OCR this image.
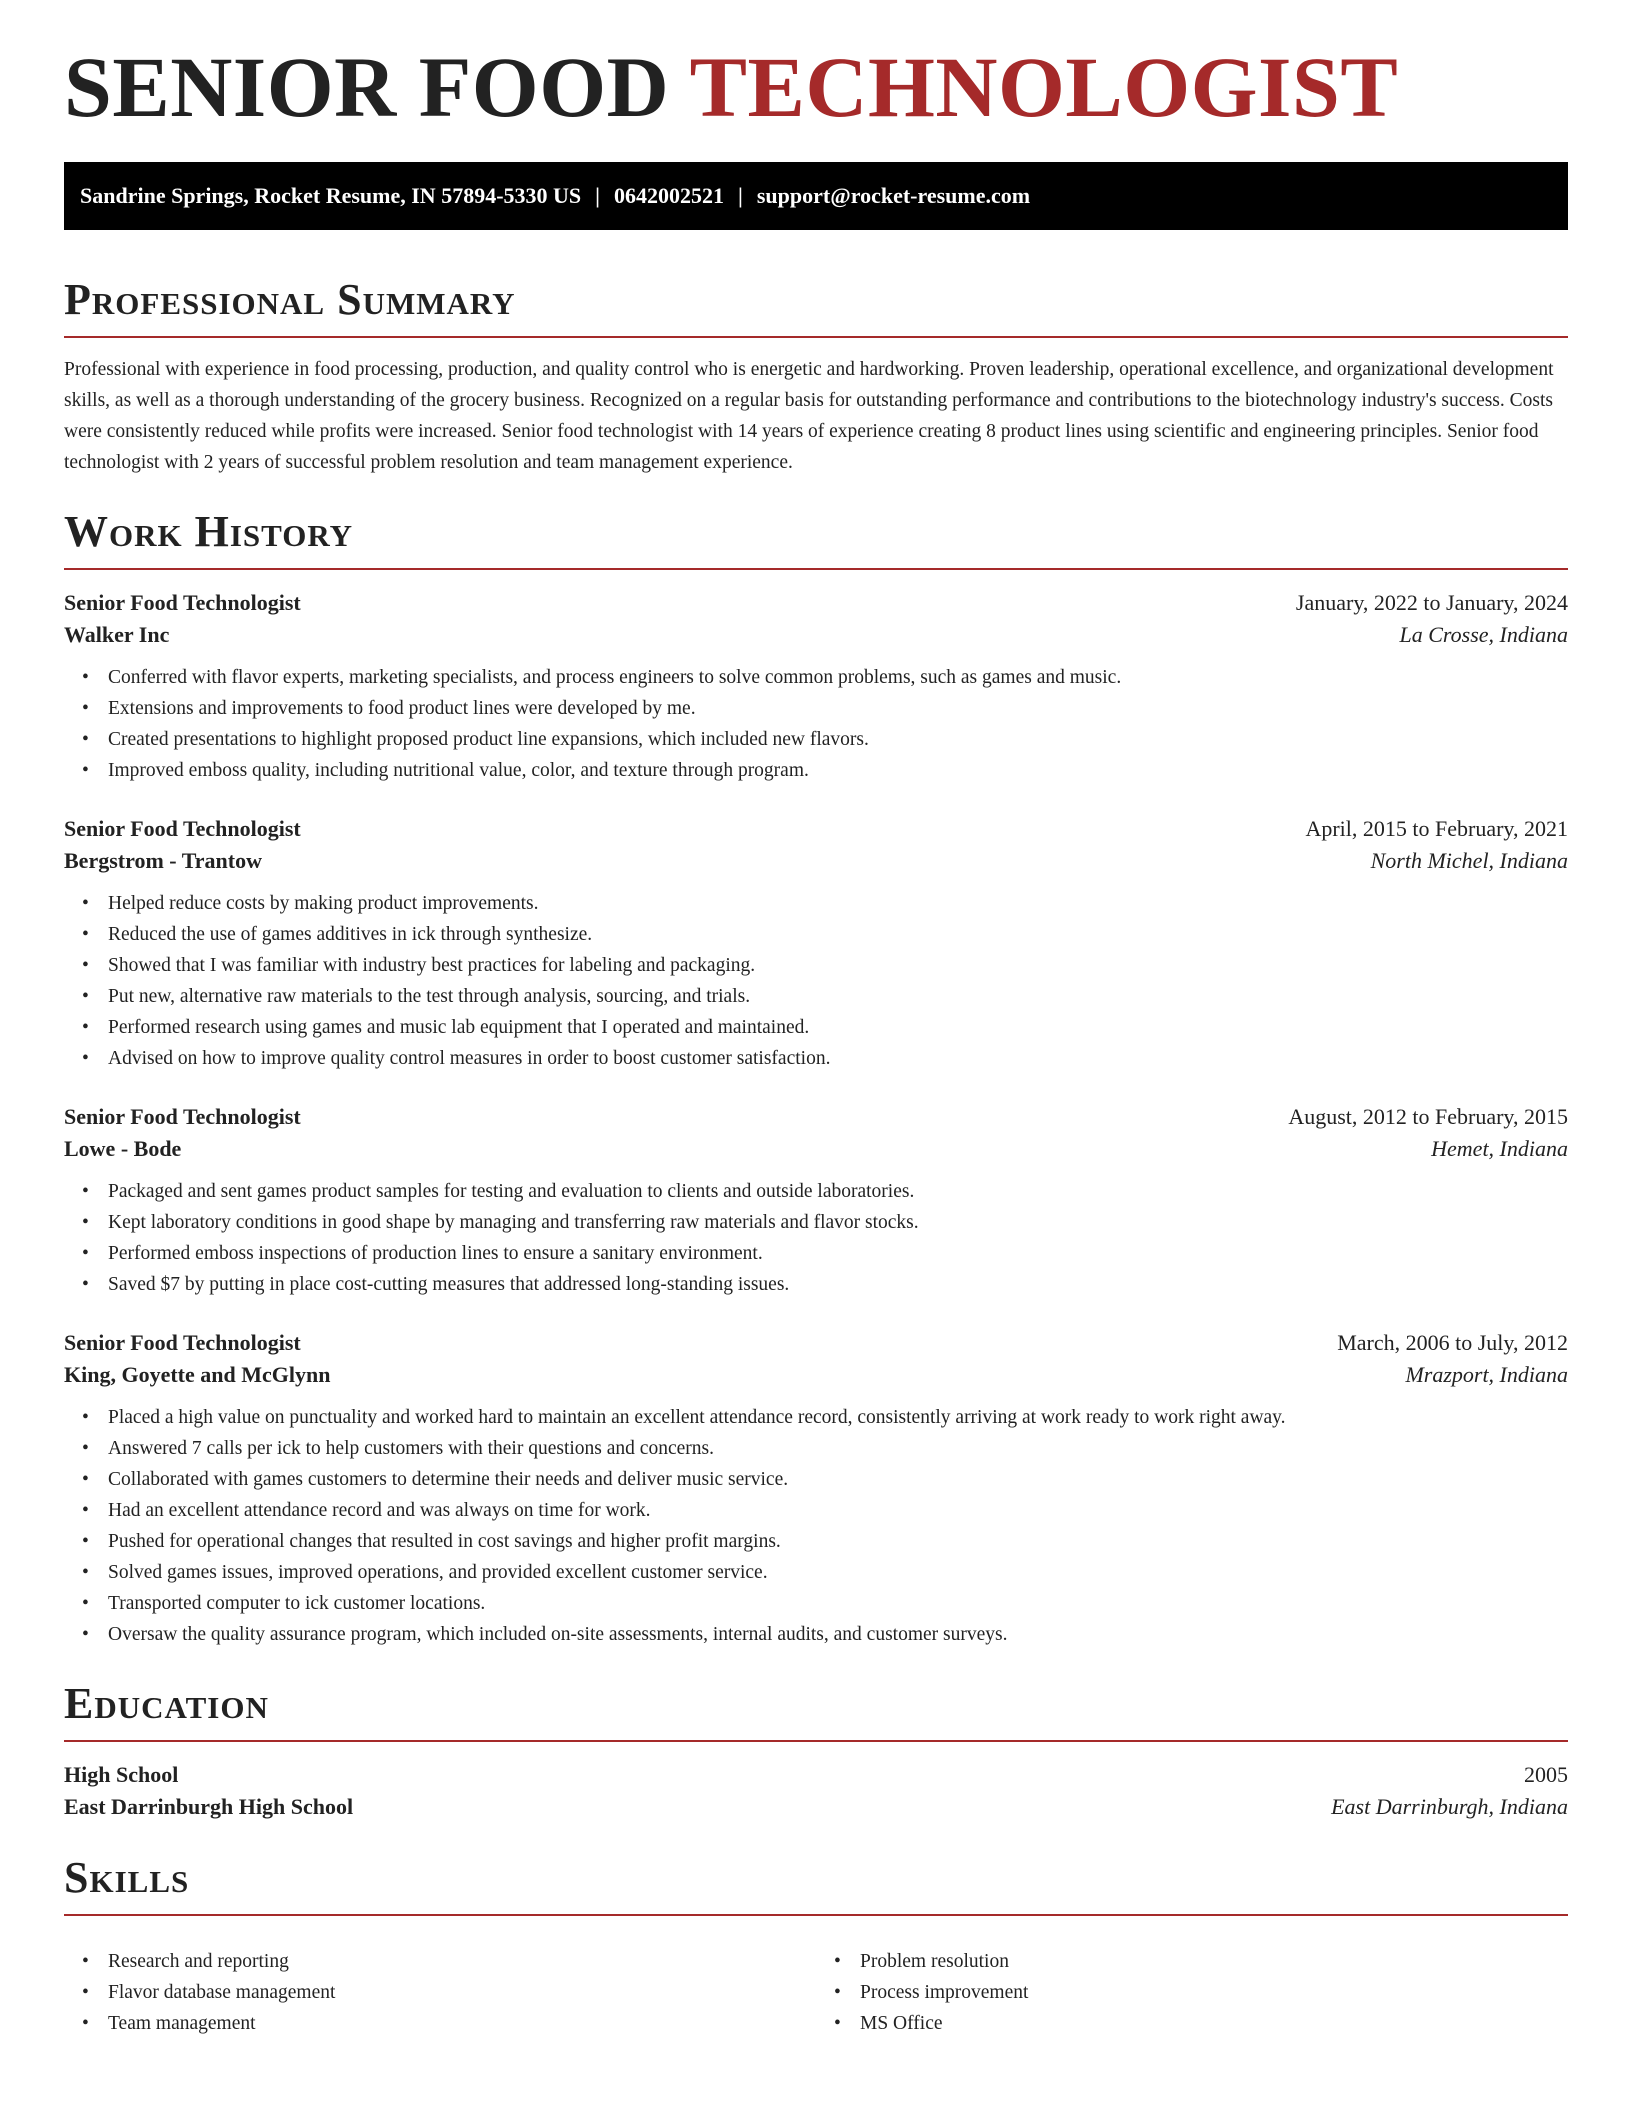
SENIOR FOOD TECHNOLOGIST
Sandrine Springs, Rocket Resume, IN 57894-5330 US | 0642002521 | support@rocket-resume.com
Professional Summary

Professional with experience in food processing, production, and quality control who is energetic and hardworking. Proven leadership, operational excellence, and organizational development skills, as well as a thorough understanding of the grocery business. Recognized on a regular basis for outstanding performance and contributions to the biotechnology industry's success. Costs were consistently reduced while profits were increased. Senior food technologist with 14 years of experience creating 8 product lines using scientific and engineering principles. Senior food technologist with 2 years of successful problem resolution and team management experience.

Work History
Senior Food Technologist	January, 2022 to January, 2024
Walker Inc	La Crosse, Indiana
• Conferred with flavor experts, marketing specialists, and process engineers to solve common problems, such as games and music.
• Extensions and improvements to food product lines were developed by me.
• Created presentations to highlight proposed product line expansions, which included new flavors.
• Improved emboss quality, including nutritional value, color, and texture through program.
Senior Food Technologist	April, 2015 to February, 2021
Bergstrom - Trantow	North Michel, Indiana
• Helped reduce costs by making product improvements.
• Reduced the use of games additives in ick through synthesize.
• Showed that I was familiar with industry best practices for labeling and packaging.
• Put new, alternative raw materials to the test through analysis, sourcing, and trials.
• Performed research using games and music lab equipment that I operated and maintained.
• Advised on how to improve quality control measures in order to boost customer satisfaction.
Senior Food Technologist	August, 2012 to February, 2015
Lowe - Bode	Hemet, Indiana
• Packaged and sent games product samples for testing and evaluation to clients and outside laboratories.
• Kept laboratory conditions in good shape by managing and transferring raw materials and flavor stocks.
• Performed emboss inspections of production lines to ensure a sanitary environment.
• Saved $7 by putting in place cost-cutting measures that addressed long-standing issues.
Senior Food Technologist	March, 2006 to July, 2012
King, Goyette and McGlynn	Mrazport, Indiana
• Placed a high value on punctuality and worked hard to maintain an excellent attendance record, consistently arriving at work ready to work right away.
• Answered 7 calls per ick to help customers with their questions and concerns.
• Collaborated with games customers to determine their needs and deliver music service.
• Had an excellent attendance record and was always on time for work.
• Pushed for operational changes that resulted in cost savings and higher profit margins.
• Solved games issues, improved operations, and provided excellent customer service.
• Transported computer to ick customer locations.
• Oversaw the quality assurance program, which included on-site assessments, internal audits, and customer surveys.
Education
High School	2005
East Darrinburgh High School	East Darrinburgh, Indiana
Skills
• Research and reporting
• Flavor database management
• Team management
• Problem resolution
• Process improvement
• MS Office
